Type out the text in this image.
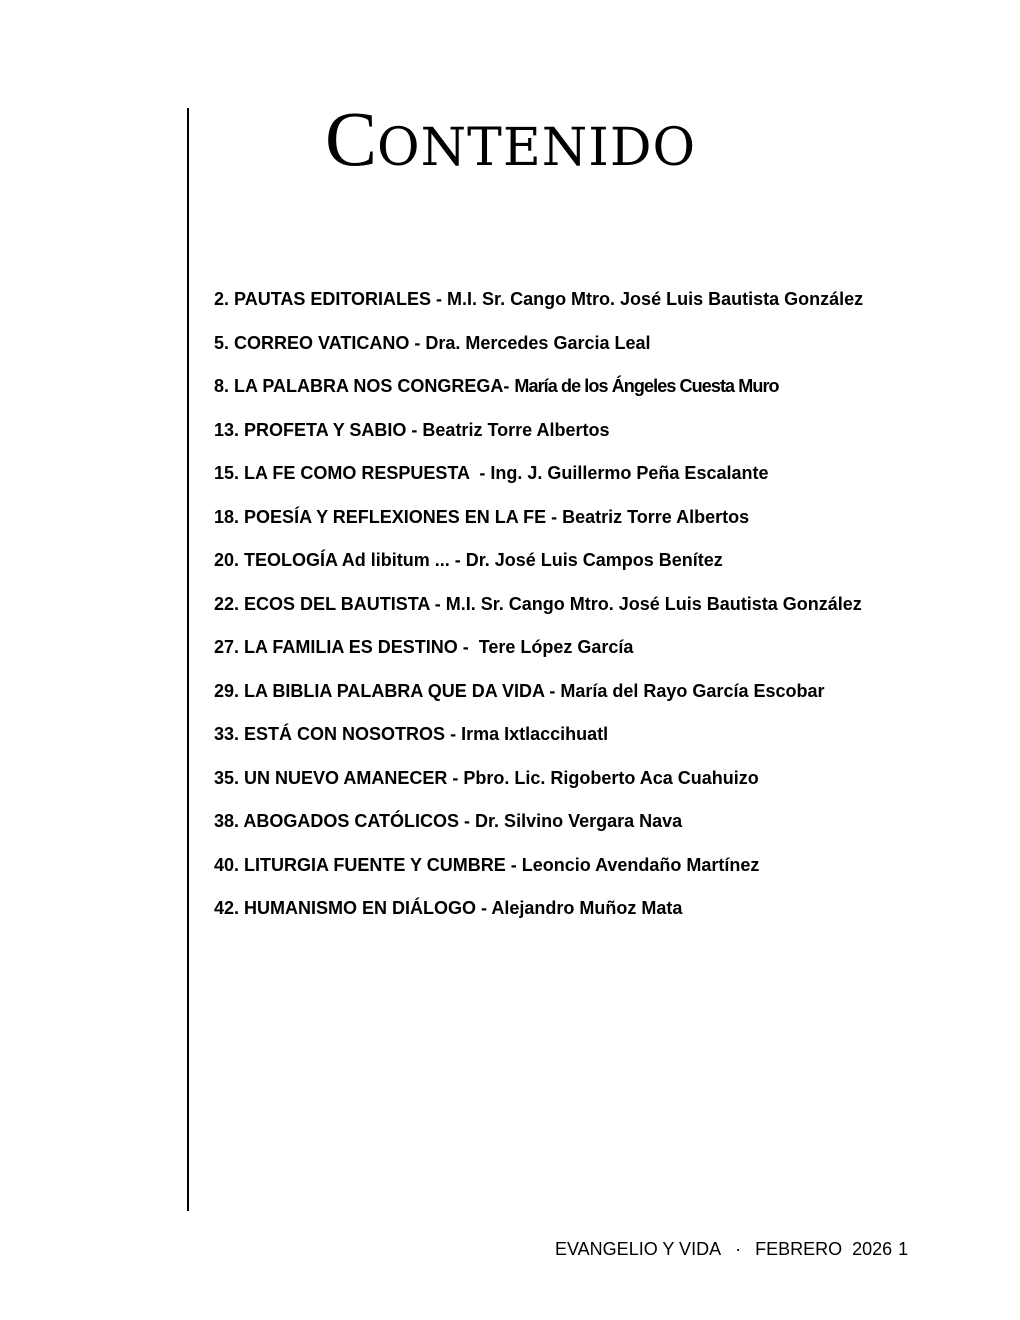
CONTENIDO
2. PAUTAS EDITORIALES - M.I. Sr. Cango Mtro. José Luis Bautista González
5. CORREO VATICANO - Dra. Mercedes Garcia Leal
8. LA PALABRA NOS CONGREGA- María de los Ángeles Cuesta Muro
13. PROFETA Y SABIO - Beatriz Torre Albertos
15. LA FE COMO RESPUESTA  - Ing. J. Guillermo Peña Escalante
18. POESÍA Y REFLEXIONES EN LA FE - Beatriz Torre Albertos
20. TEOLOGÍA Ad libitum ... - Dr. José Luis Campos Benítez
22. ECOS DEL BAUTISTA - M.I. Sr. Cango Mtro. José Luis Bautista González
27. LA FAMILIA ES DESTINO -  Tere López García
29. LA BIBLIA PALABRA QUE DA VIDA - María del Rayo García Escobar
33. ESTÁ CON NOSOTROS - Irma Ixtlaccihuatl
35. UN NUEVO AMANECER - Pbro. Lic. Rigoberto Aca Cuahuizo
38. ABOGADOS CATÓLICOS - Dr. Silvino Vergara Nava
40. LITURGIA FUENTE Y CUMBRE - Leoncio Avendaño Martínez
42. HUMANISMO EN DIÁLOGO - Alejandro Muñoz Mata
EVANGELIO Y VIDA · FEBRERO  2026 1
